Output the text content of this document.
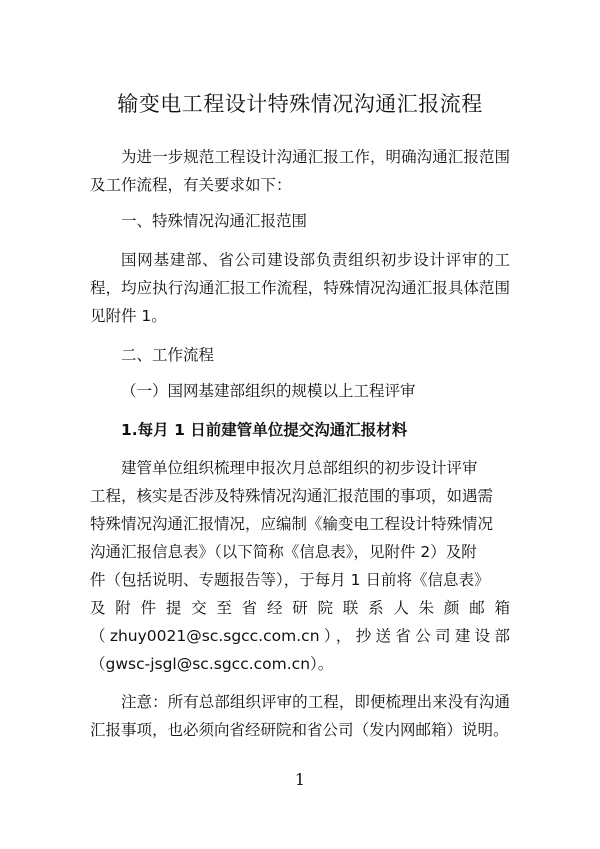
输变电工程设计特殊情况沟通汇报流程

为进一步规范工程设计沟通汇报工作，明确沟通汇报范围及工作流程，有关要求如下：

一、特殊情况沟通汇报范围

国网基建部、省公司建设部负责组织初步设计评审的工程，均应执行沟通汇报工作流程，特殊情况沟通汇报具体范围见附件 1。

二、工作流程
（一）国网基建部组织的规模以上工程评审
1.每月 1 日前建管单位提交沟通汇报材料
建管单位组织梳理申报次月总部组织的初步设计评审
工程，核实是否涉及特殊情况沟通汇报范围的事项，如遇需
特殊情况沟通汇报情况，应编制《输变电工程设计特殊情况
沟通汇报信息表》（以下简称《信息表》，见附件 2）及附
件（包括说明、专题报告等），于每月 1 日前将《信息表》
及附件提交至省经研院联系人朱颜邮箱
（zhuy0021@sc.sgcc.com.cn），抄送省公司建设部
（gwsc-jsgl@sc.sgcc.com.cn）。

注意：所有总部组织评审的工程，即便梳理出来没有沟通汇报事项，也必须向省经研院和省公司（发内网邮箱）说明。

1
